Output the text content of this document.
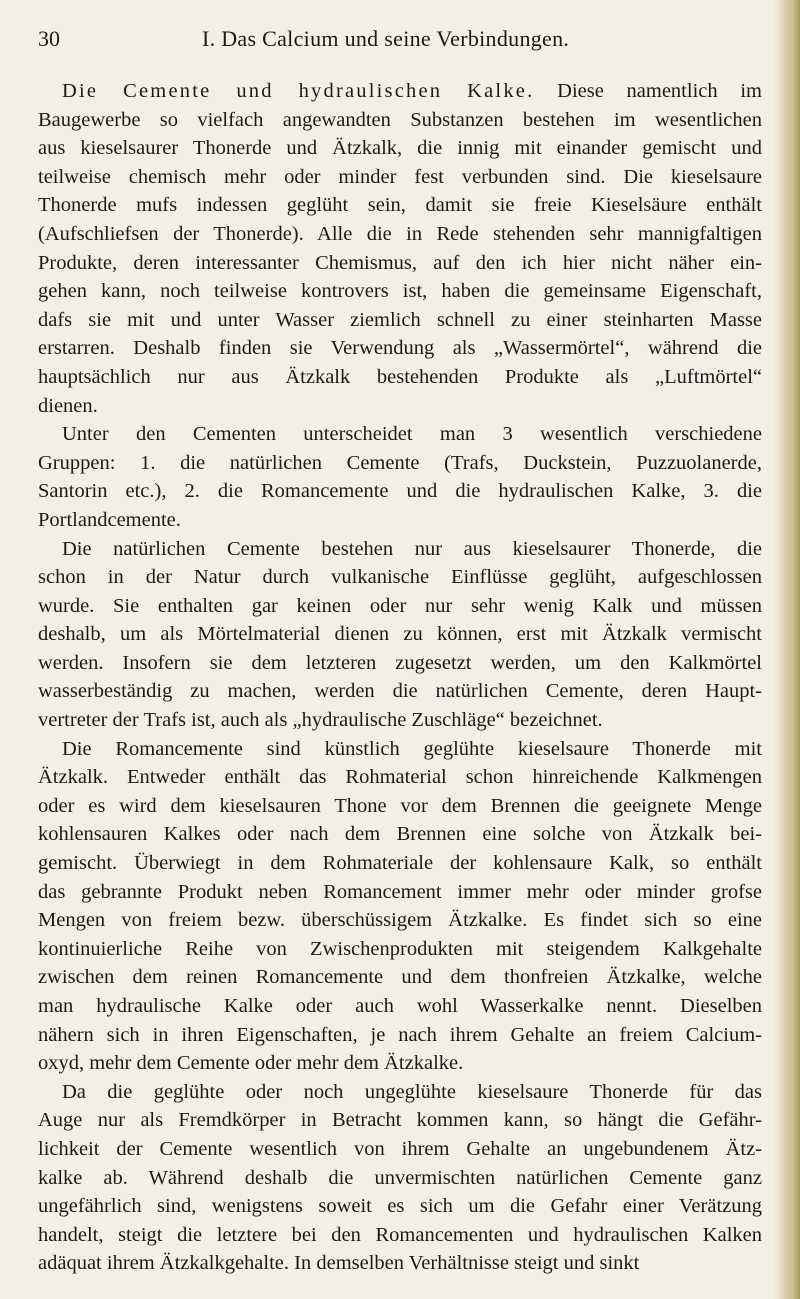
30	I. Das Calcium und seine Verbindungen.
Die Cemente und hydraulischen Kalke. Diese namentlich im
Baugewerbe so vielfach angewandten Substanzen bestehen im wesentlichen
aus kieselsaurer Thonerde und Ätzkalk, die innig mit einander gemischt und
teilweise chemisch mehr oder minder fest verbunden sind. Die kieselsaure
Thonerde mufs indessen geglüht sein, damit sie freie Kieselsäure enthält
(Aufschliefsen der Thonerde). Alle die in Rede stehenden sehr mannigfaltigen
Produkte, deren interessanter Chemismus, auf den ich hier nicht näher ein-
gehen kann, noch teilweise kontrovers ist, haben die gemeinsame Eigenschaft,
dafs sie mit und unter Wasser ziemlich schnell zu einer steinharten Masse
erstarren. Deshalb finden sie Verwendung als „Wassermörtel“, während die
hauptsächlich nur aus Ätzkalk bestehenden Produkte als „Luftmörtel“
dienen.
Unter den Cementen unterscheidet man 3 wesentlich verschiedene
Gruppen: 1. die natürlichen Cemente (Trafs, Duckstein, Puzzuolanerde,
Santorin etc.), 2. die Romancemente und die hydraulischen Kalke, 3. die
Portlandcemente.
Die natürlichen Cemente bestehen nur aus kieselsaurer Thonerde, die
schon in der Natur durch vulkanische Einflüsse geglüht, aufgeschlossen
wurde. Sie enthalten gar keinen oder nur sehr wenig Kalk und müssen
deshalb, um als Mörtelmaterial dienen zu können, erst mit Ätzkalk vermischt
werden. Insofern sie dem letzteren zugesetzt werden, um den Kalkmörtel
wasserbeständig zu machen, werden die natürlichen Cemente, deren Haupt-
vertreter der Trafs ist, auch als „hydraulische Zuschläge“ bezeichnet.
Die Romancemente sind künstlich geglühte kieselsaure Thonerde mit
Ätzkalk. Entweder enthält das Rohmaterial schon hinreichende Kalkmengen
oder es wird dem kieselsauren Thone vor dem Brennen die geeignete Menge
kohlensauren Kalkes oder nach dem Brennen eine solche von Ätzkalk bei-
gemischt. Überwiegt in dem Rohmateriale der kohlensaure Kalk, so enthält
das gebrannte Produkt neben Romancement immer mehr oder minder grofse
Mengen von freiem bezw. überschüssigem Ätzkalke. Es findet sich so eine
kontinuierliche Reihe von Zwischenprodukten mit steigendem Kalkgehalte
zwischen dem reinen Romancemente und dem thonfreien Ätzkalke, welche
man hydraulische Kalke oder auch wohl Wasserkalke nennt. Dieselben
nähern sich in ihren Eigenschaften, je nach ihrem Gehalte an freiem Calcium-
oxyd, mehr dem Cemente oder mehr dem Ätzkalke.
Da die geglühte oder noch ungeglühte kieselsaure Thonerde für das
Auge nur als Fremdkörper in Betracht kommen kann, so hängt die Gefähr-
lichkeit der Cemente wesentlich von ihrem Gehalte an ungebundenem Ätz-
kalke ab. Während deshalb die unvermischten natürlichen Cemente ganz
ungefährlich sind, wenigstens soweit es sich um die Gefahr einer Verätzung
handelt, steigt die letztere bei den Romancementen und hydraulischen Kalken
adäquat ihrem Ätzkalkgehalte. In demselben Verhältnisse steigt und sinkt
